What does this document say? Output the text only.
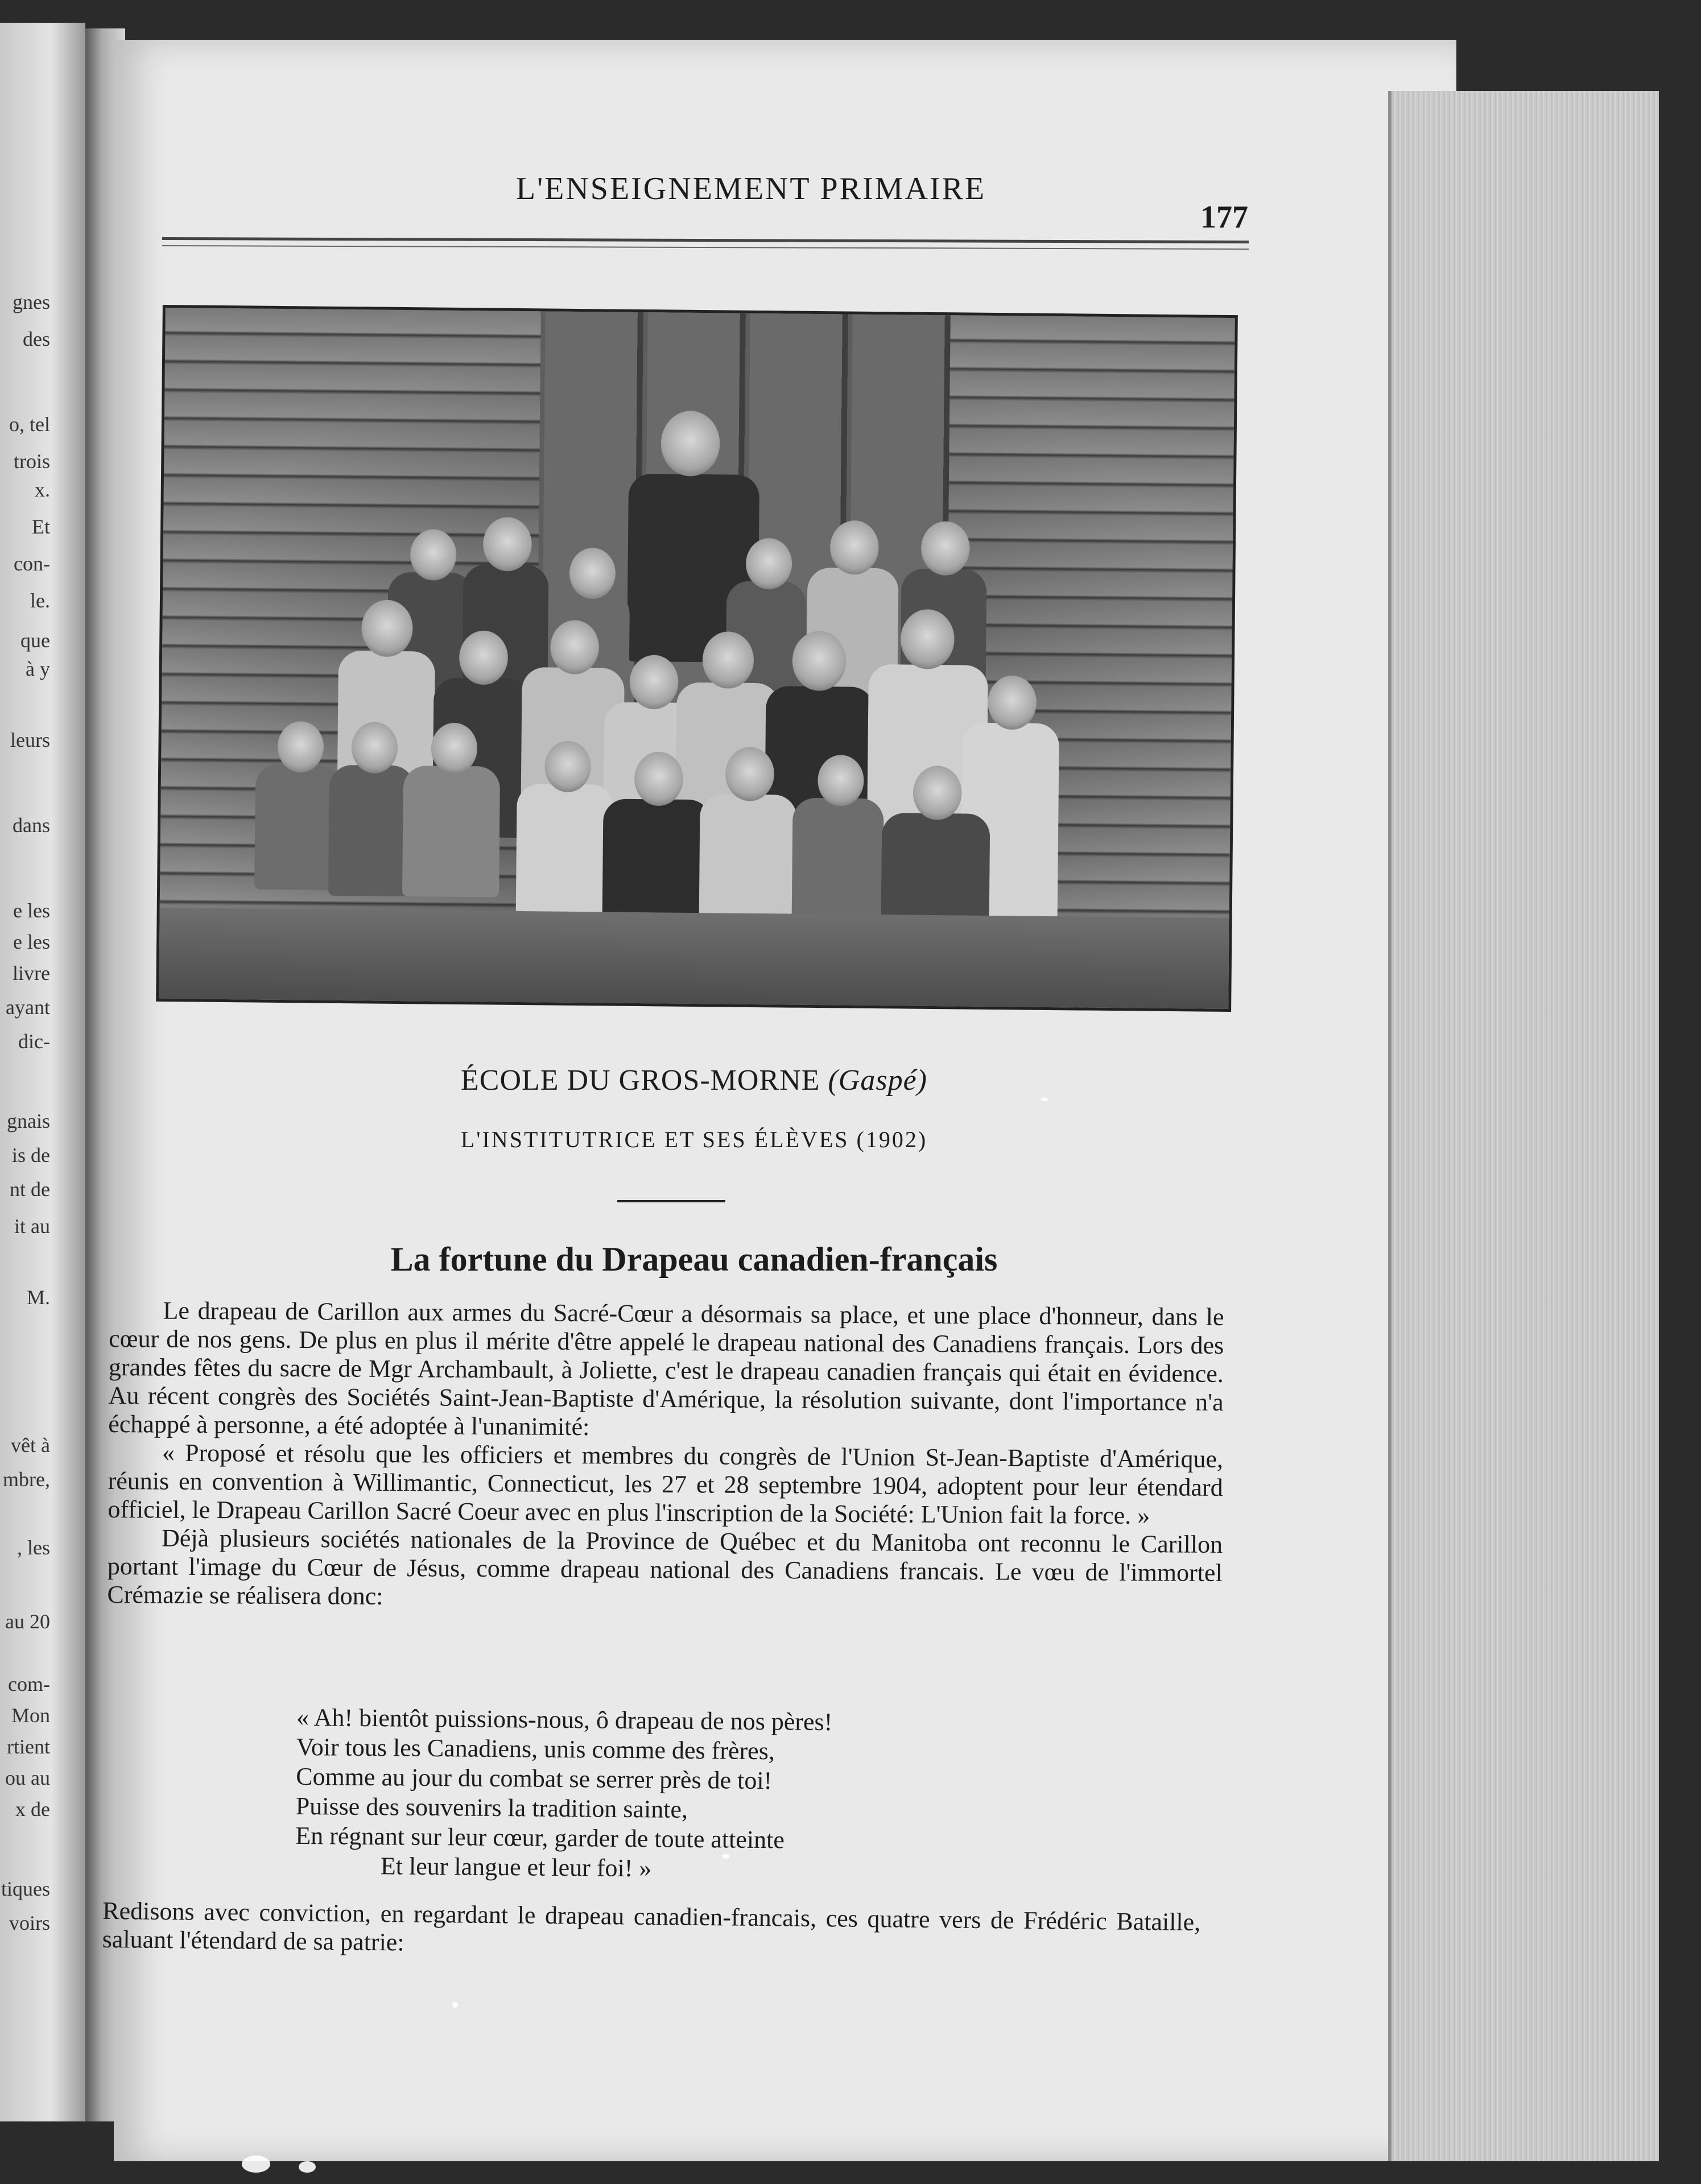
gnes
des
o, tel
trois
x.
Et
con-
le.
que
à y
leurs
dans
e les
e les
livre
ayant
dic-
gnais
is de
nt de
it au
M.
vêt à
mbre,
, les
au 20
com-
Mon
rtient
ou au
x de
tiques
voirs
L'ENSEIGNEMENT PRIMAIRE
177
ÉCOLE DU GROS-MORNE (Gaspé)
L'INSTITUTRICE ET SES ÉLÈVES (1902)
La fortune du Drapeau canadien-français

Le drapeau de Carillon aux armes du Sacré-Cœur a désormais sa place, et une place d'honneur, dans le cœur de nos gens. De plus en plus il mérite d'être appelé le drapeau national des Canadiens français. Lors des grandes fêtes du sacre de Mgr Archambault, à Joliette, c'est le drapeau canadien français qui était en évidence. Au récent congrès des Sociétés Saint-Jean-Baptiste d'Amérique, la résolution suivante, dont l'importance n'a échappé à personne, a été adoptée à l'unanimité:

« Proposé et résolu que les officiers et membres du congrès de l'Union St-Jean-Baptiste d'Amérique, réunis en convention à Willimantic, Connecticut, les 27 et 28 septembre 1904, adoptent pour leur étendard officiel, le Drapeau Carillon Sacré Coeur avec en plus l'inscription de la Société: L'Union fait la force. »

Déjà plusieurs sociétés nationales de la Province de Québec et du Manitoba ont reconnu le Carillon portant l'image du Cœur de Jésus, comme drapeau national des Canadiens francais. Le vœu de l'immortel Crémazie se réalisera donc:

« Ah! bientôt puissions-nous, ô drapeau de nos pères!
Voir tous les Canadiens, unis comme des frères,
Comme au jour du combat se serrer près de toi!
Puisse des souvenirs la tradition sainte,
En régnant sur leur cœur, garder de toute atteinte
Et leur langue et leur foi! »
Redisons avec conviction, en regardant le drapeau canadien-francais, ces quatre vers de Frédéric Bataille, saluant l'étendard de sa patrie:
